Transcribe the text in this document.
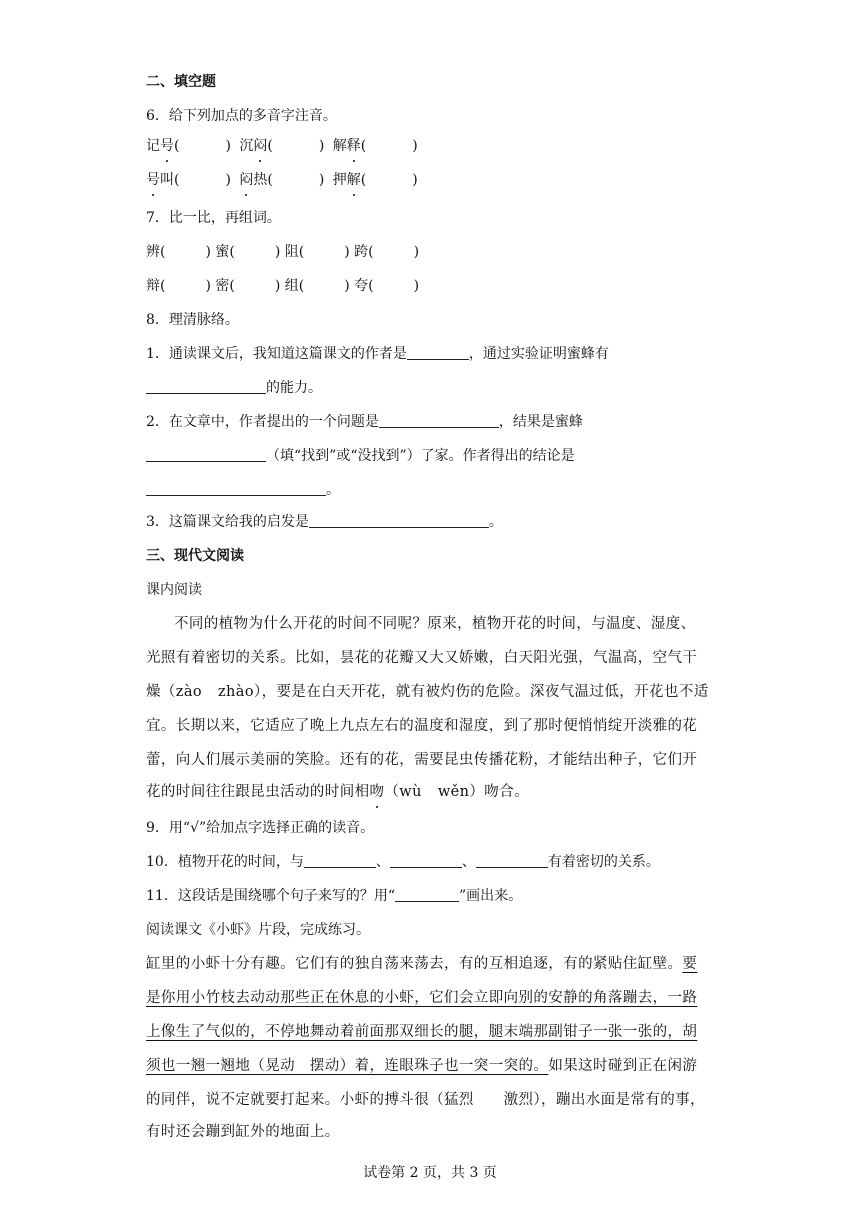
二、填空题
6．给下列加点的多音字注音。
记号(	) 沉闷(	) 解释(	)
号叫(	) 闷热(	) 押解(	)
7．比一比，再组词。
辨(	) 蜜(	) 阻(	) 跨(	)
辩(	) 密(	) 组(	) 夸(	)
8．理清脉络。
1．通读课文后，我知道这篇课文的作者是	，通过实验证明蜜蜂有
的能力。
2．在文章中，作者提出的一个问题是	，结果是蜜蜂
（填“找到”或“没找到”）了家。作者得出的结论是
。
3．这篇课文给我的启发是	。
三、现代文阅读
课内阅读
不同的植物为什么开花的时间不同呢？原来，植物开花的时间，与温度、湿度、
光照有着密切的关系。比如，昙花的花瓣又大又娇嫩，白天阳光强，气温高，空气干
燥（zào zhào），要是在白天开花，就有被灼伤的危险。深夜气温过低，开花也不适
宜。长期以来，它适应了晚上九点左右的温度和湿度，到了那时便悄悄绽开淡雅的花
蕾，向人们展示美丽的笑脸。还有的花，需要昆虫传播花粉，才能结出种子，它们开
花的时间往往跟昆虫活动的时间相吻（wù wěn）吻合。
9．用“√”给加点字选择正确的读音。
10．植物开花的时间，与	、	、	有着密切的关系。
11．这段话是围绕哪个句子来写的？用“	”画出来。
阅读课文《小虾》片段，完成练习。
缸里的小虾十分有趣。它们有的独自荡来荡去，有的互相追逐，有的紧贴住缸壁。要
是你用小竹枝去动动那些正在休息的小虾，它们会立即向别的安静的角落蹦去，一路
上像生了气似的，不停地舞动着前面那双细长的腿，腿末端那副钳子一张一张的，胡
须也一翘一翘地（晃动　摆动）着，连眼珠子也一突一突的。如果这时碰到正在闲游
的同伴，说不定就要打起来。小虾的搏斗很（猛烈　　激烈），蹦出水面是常有的事，
有时还会蹦到缸外的地面上。
试卷第 2 页，共 3 页
